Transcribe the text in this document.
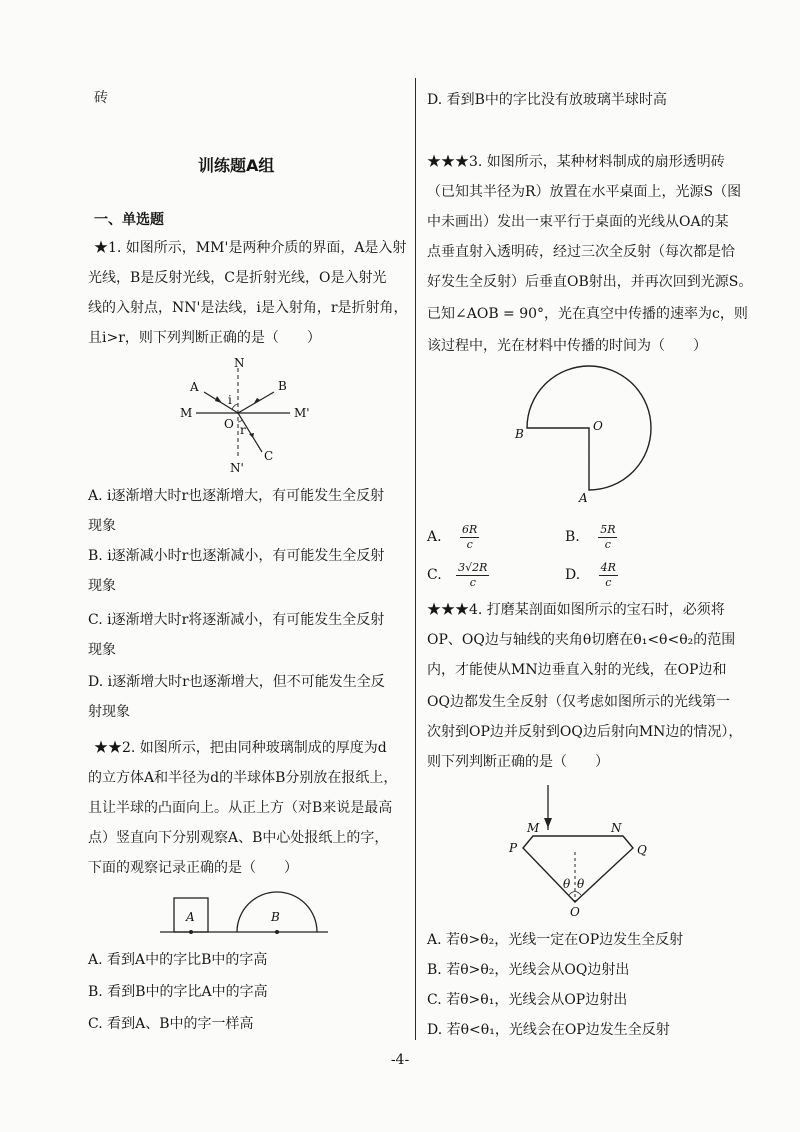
砖
训练题A组
一、单选题
★1. 如图所示，MM'是两种介质的界面，A是入射
光线，B是反射光线，C是折射光线，O是入射光
线的入射点，NN'是法线，i是入射角，r是折射角，
且i>r，则下列判断正确的是（　　）
N
A	B
M	M'
i
O r
C
N'
A. i逐渐增大时r也逐渐增大，有可能发生全反射
现象
B. i逐渐减小时r也逐渐减小，有可能发生全反射
现象
C. i逐渐增大时r将逐渐减小，有可能发生全反射
现象
D. i逐渐增大时r也逐渐增大，但不可能发生全反
射现象
★★2. 如图所示，把由同种玻璃制成的厚度为d
的立方体A和半径为d的半球体B分别放在报纸上，
且让半球的凸面向上。从正上方（对B来说是最高
点）竖直向下分别观察A、B中心处报纸上的字，
下面的观察记录正确的是（　　）
A	B
A. 看到A中的字比B中的字高
B. 看到B中的字比A中的字高
C. 看到A、B中的字一样高
D. 看到B中的字比没有放玻璃半球时高
★★★3. 如图所示，某种材料制成的扇形透明砖
（已知其半径为R）放置在水平桌面上，光源S（图
中未画出）发出一束平行于桌面的光线从OA的某
点垂直射入透明砖，经过三次全反射（每次都是恰
好发生全反射）后垂直OB射出，并再次回到光源S。
已知∠AOB = 90°，光在真空中传播的速率为c，则
该过程中，光在材料中传播的时间为（　　）
O
B
A
A. $\frac{6R}{c}$	B. $\frac{5R}{c}$
C. $\frac{3√2R}{c}$	D. $\frac{4R}{c}$
★★★4. 打磨某剖面如图所示的宝石时，必须将
OP、OQ边与轴线的夹角θ切磨在θ₁<θ<θ₂的范围
内，才能使从MN边垂直入射的光线，在OP边和
OQ边都发生全反射（仅考虑如图所示的光线第一
次射到OP边并反射到OQ边后射向MN边的情况），
则下列判断正确的是（　　）
M	N
P	Q
θ θ
O
A. 若θ>θ₂，光线一定在OP边发生全反射
B. 若θ>θ₂，光线会从OQ边射出
C. 若θ>θ₁，光线会从OP边射出
D. 若θ<θ₁，光线会在OP边发生全反射
-4-
